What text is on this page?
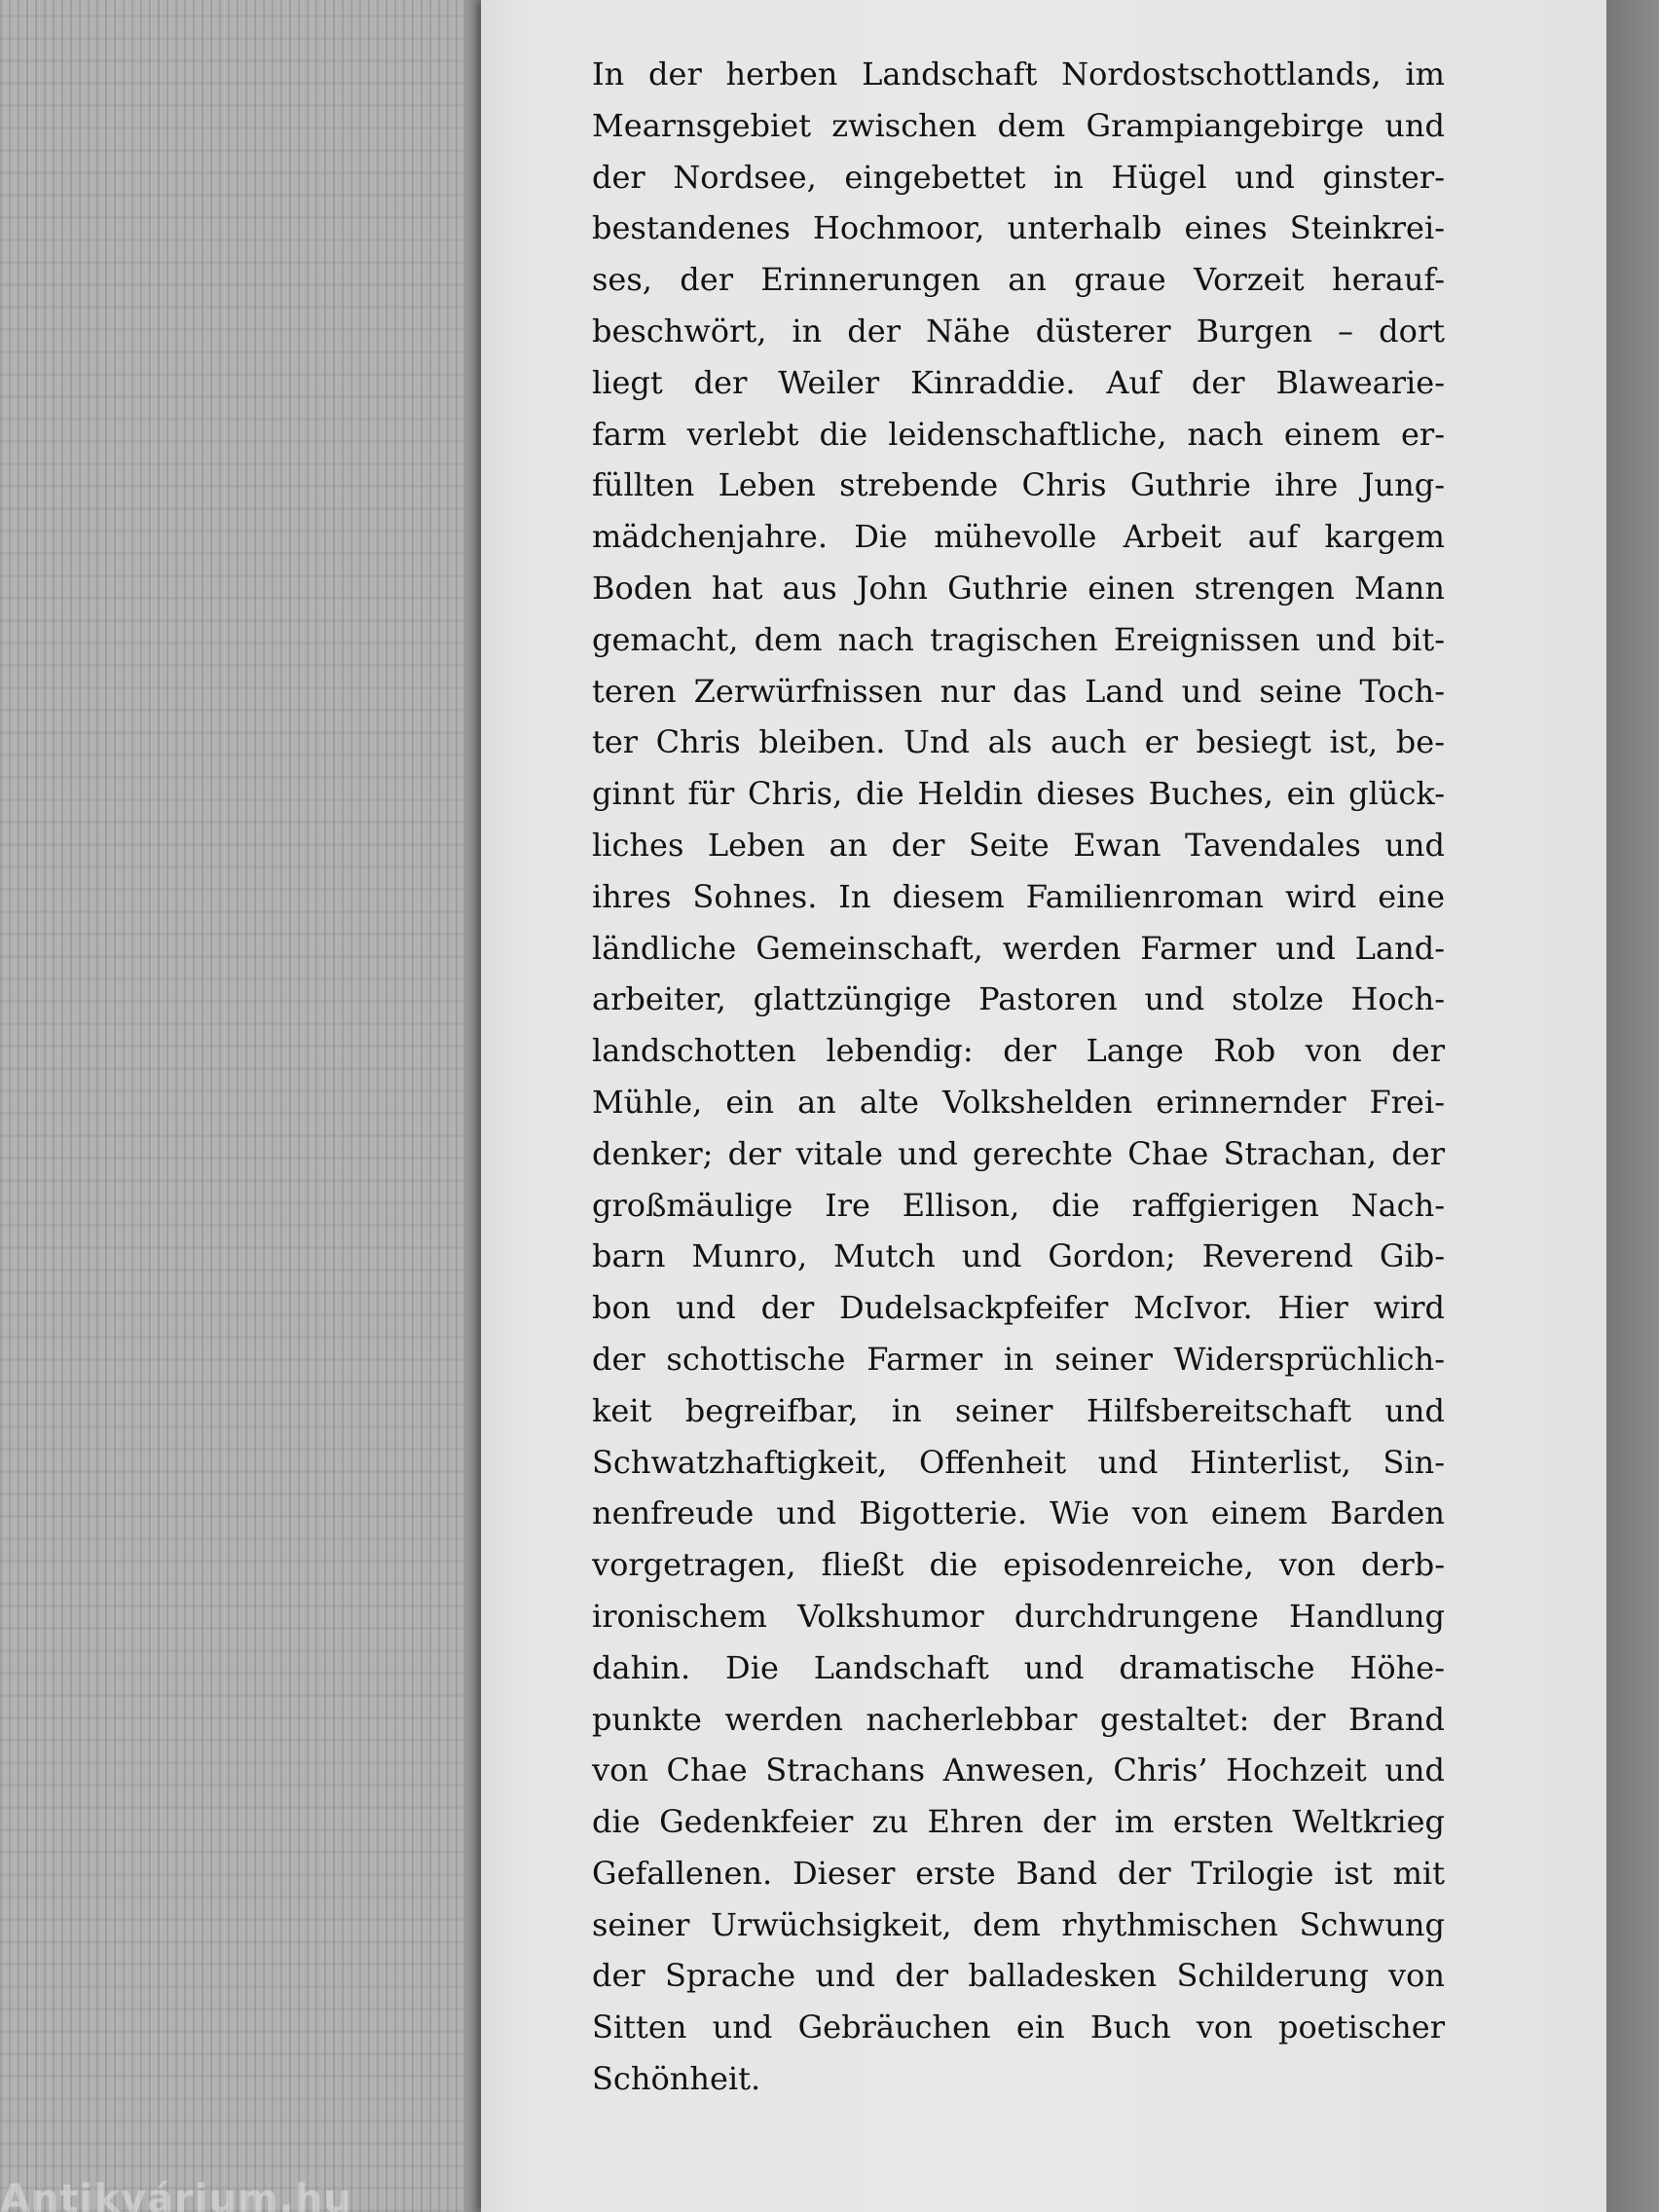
In der herben Landschaft Nordostschottlands, im
Mearnsgebiet zwischen dem Grampiangebirge und
der Nordsee, eingebettet in Hügel und ginster-
bestandenes Hochmoor, unterhalb eines Steinkrei-
ses, der Erinnerungen an graue Vorzeit herauf-
beschwört, in der Nähe düsterer Burgen – dort
liegt der Weiler Kinraddie. Auf der Blawearie-
farm verlebt die leidenschaftliche, nach einem er-
füllten Leben strebende Chris Guthrie ihre Jung-
mädchenjahre. Die mühevolle Arbeit auf kargem
Boden hat aus John Guthrie einen strengen Mann
gemacht, dem nach tragischen Ereignissen und bit-
teren Zerwürfnissen nur das Land und seine Toch-
ter Chris bleiben. Und als auch er besiegt ist, be-
ginnt für Chris, die Heldin dieses Buches, ein glück-
liches Leben an der Seite Ewan Tavendales und
ihres Sohnes. In diesem Familienroman wird eine
ländliche Gemeinschaft, werden Farmer und Land-
arbeiter, glattzüngige Pastoren und stolze Hoch-
landschotten lebendig: der Lange Rob von der
Mühle, ein an alte Volkshelden erinnernder Frei-
denker; der vitale und gerechte Chae Strachan, der
großmäulige Ire Ellison, die raffgierigen Nach-
barn Munro, Mutch und Gordon; Reverend Gib-
bon und der Dudelsackpfeifer McIvor. Hier wird
der schottische Farmer in seiner Widersprüchlich-
keit begreifbar, in seiner Hilfsbereitschaft und
Schwatzhaftigkeit, Offenheit und Hinterlist, Sin-
nenfreude und Bigotterie. Wie von einem Barden
vorgetragen, fließt die episodenreiche, von derb-
ironischem Volkshumor durchdrungene Handlung
dahin. Die Landschaft und dramatische Höhe-
punkte werden nacherlebbar gestaltet: der Brand
von Chae Strachans Anwesen, Chris’ Hochzeit und
die Gedenkfeier zu Ehren der im ersten Weltkrieg
Gefallenen. Dieser erste Band der Trilogie ist mit
seiner Urwüchsigkeit, dem rhythmischen Schwung
der Sprache und der balladesken Schilderung von
Sitten und Gebräuchen ein Buch von poetischer
Schönheit.

Antikvárium.hu
